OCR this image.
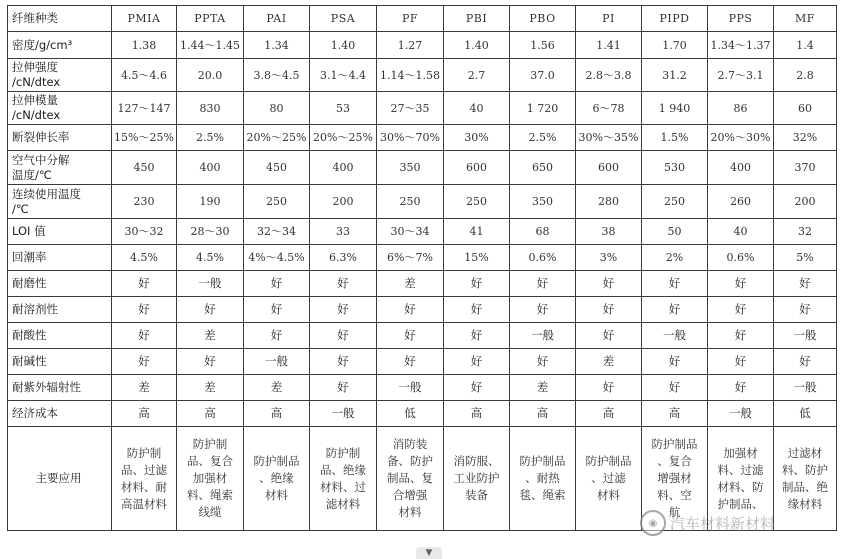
纤维种类	PMIA	PPTA	PAI	PSA	PF	PBI	PBO	PI	PIPD	PPS	MF
密度/g/cm³	1.38	1.44～1.45	1.34	1.40	1.27	1.40	1.56	1.41	1.70	1.34～1.37	1.4

拉伸强度
/cN/dtex	4.5～4.6	20.0	3.8～4.5	3.1～4.4	1.14～1.58	2.7	37.0	2.8～3.8	31.2	2.7～3.1	2.8

拉伸模量
/cN/dtex	127～147	830	80	53	27～35	40	1 720	6～78	1 940	86	60
断裂伸长率	15%～25%	2.5%	20%～25%	20%～25%	30%～70%	30%	2.5%	30%～35%	1.5%	20%～30%	32%

空气中分解
温度/℃	450	400	450	400	350	600	650	600	530	400	370

连续使用温度
/℃	230	190	250	200	250	250	350	280	250	260	200
LOI 值	30～32	28～30	32～34	33	30～34	41	68	38	50	40	32
回潮率	4.5%	4.5%	4%～4.5%	6.3%	6%～7%	15%	0.6%	3%	2%	0.6%	5%
耐磨性	好	一般	好	好	差	好	好	好	好	好	好
耐溶剂性	好	好	好	好	好	好	好	好	好	好	好
耐酸性	好	差	好	好	好	好	一般	好	一般	好	一般
耐碱性	好	好	一般	好	好	好	好	差	好	好	好
耐紫外辐射性	差	差	差	好	一般	好	差	好	好	好	一般
经济成本	高	高	高	一般	低	高	高	高	高	一般	低
主要应用	防护制
品、过滤
材料、耐
高温材料	防护制
品、复合
加强材
料、绳索
线缆	防护制品
、绝缘
材料	防护制
品、绝缘
材料、过
滤材料	消防装
备、防护
制品、复
合增强
材料	消防服、
工业防护
装备	防护制品
、耐热
毯、绳索	防护制品
、过滤
材料	防护制品
、复合
增强材
料、空
航	加强材
料、过滤
材料、防
护制品、	过滤材
料、防护
制品、绝
缘材料
◉ 汽车材料新材料
▼
